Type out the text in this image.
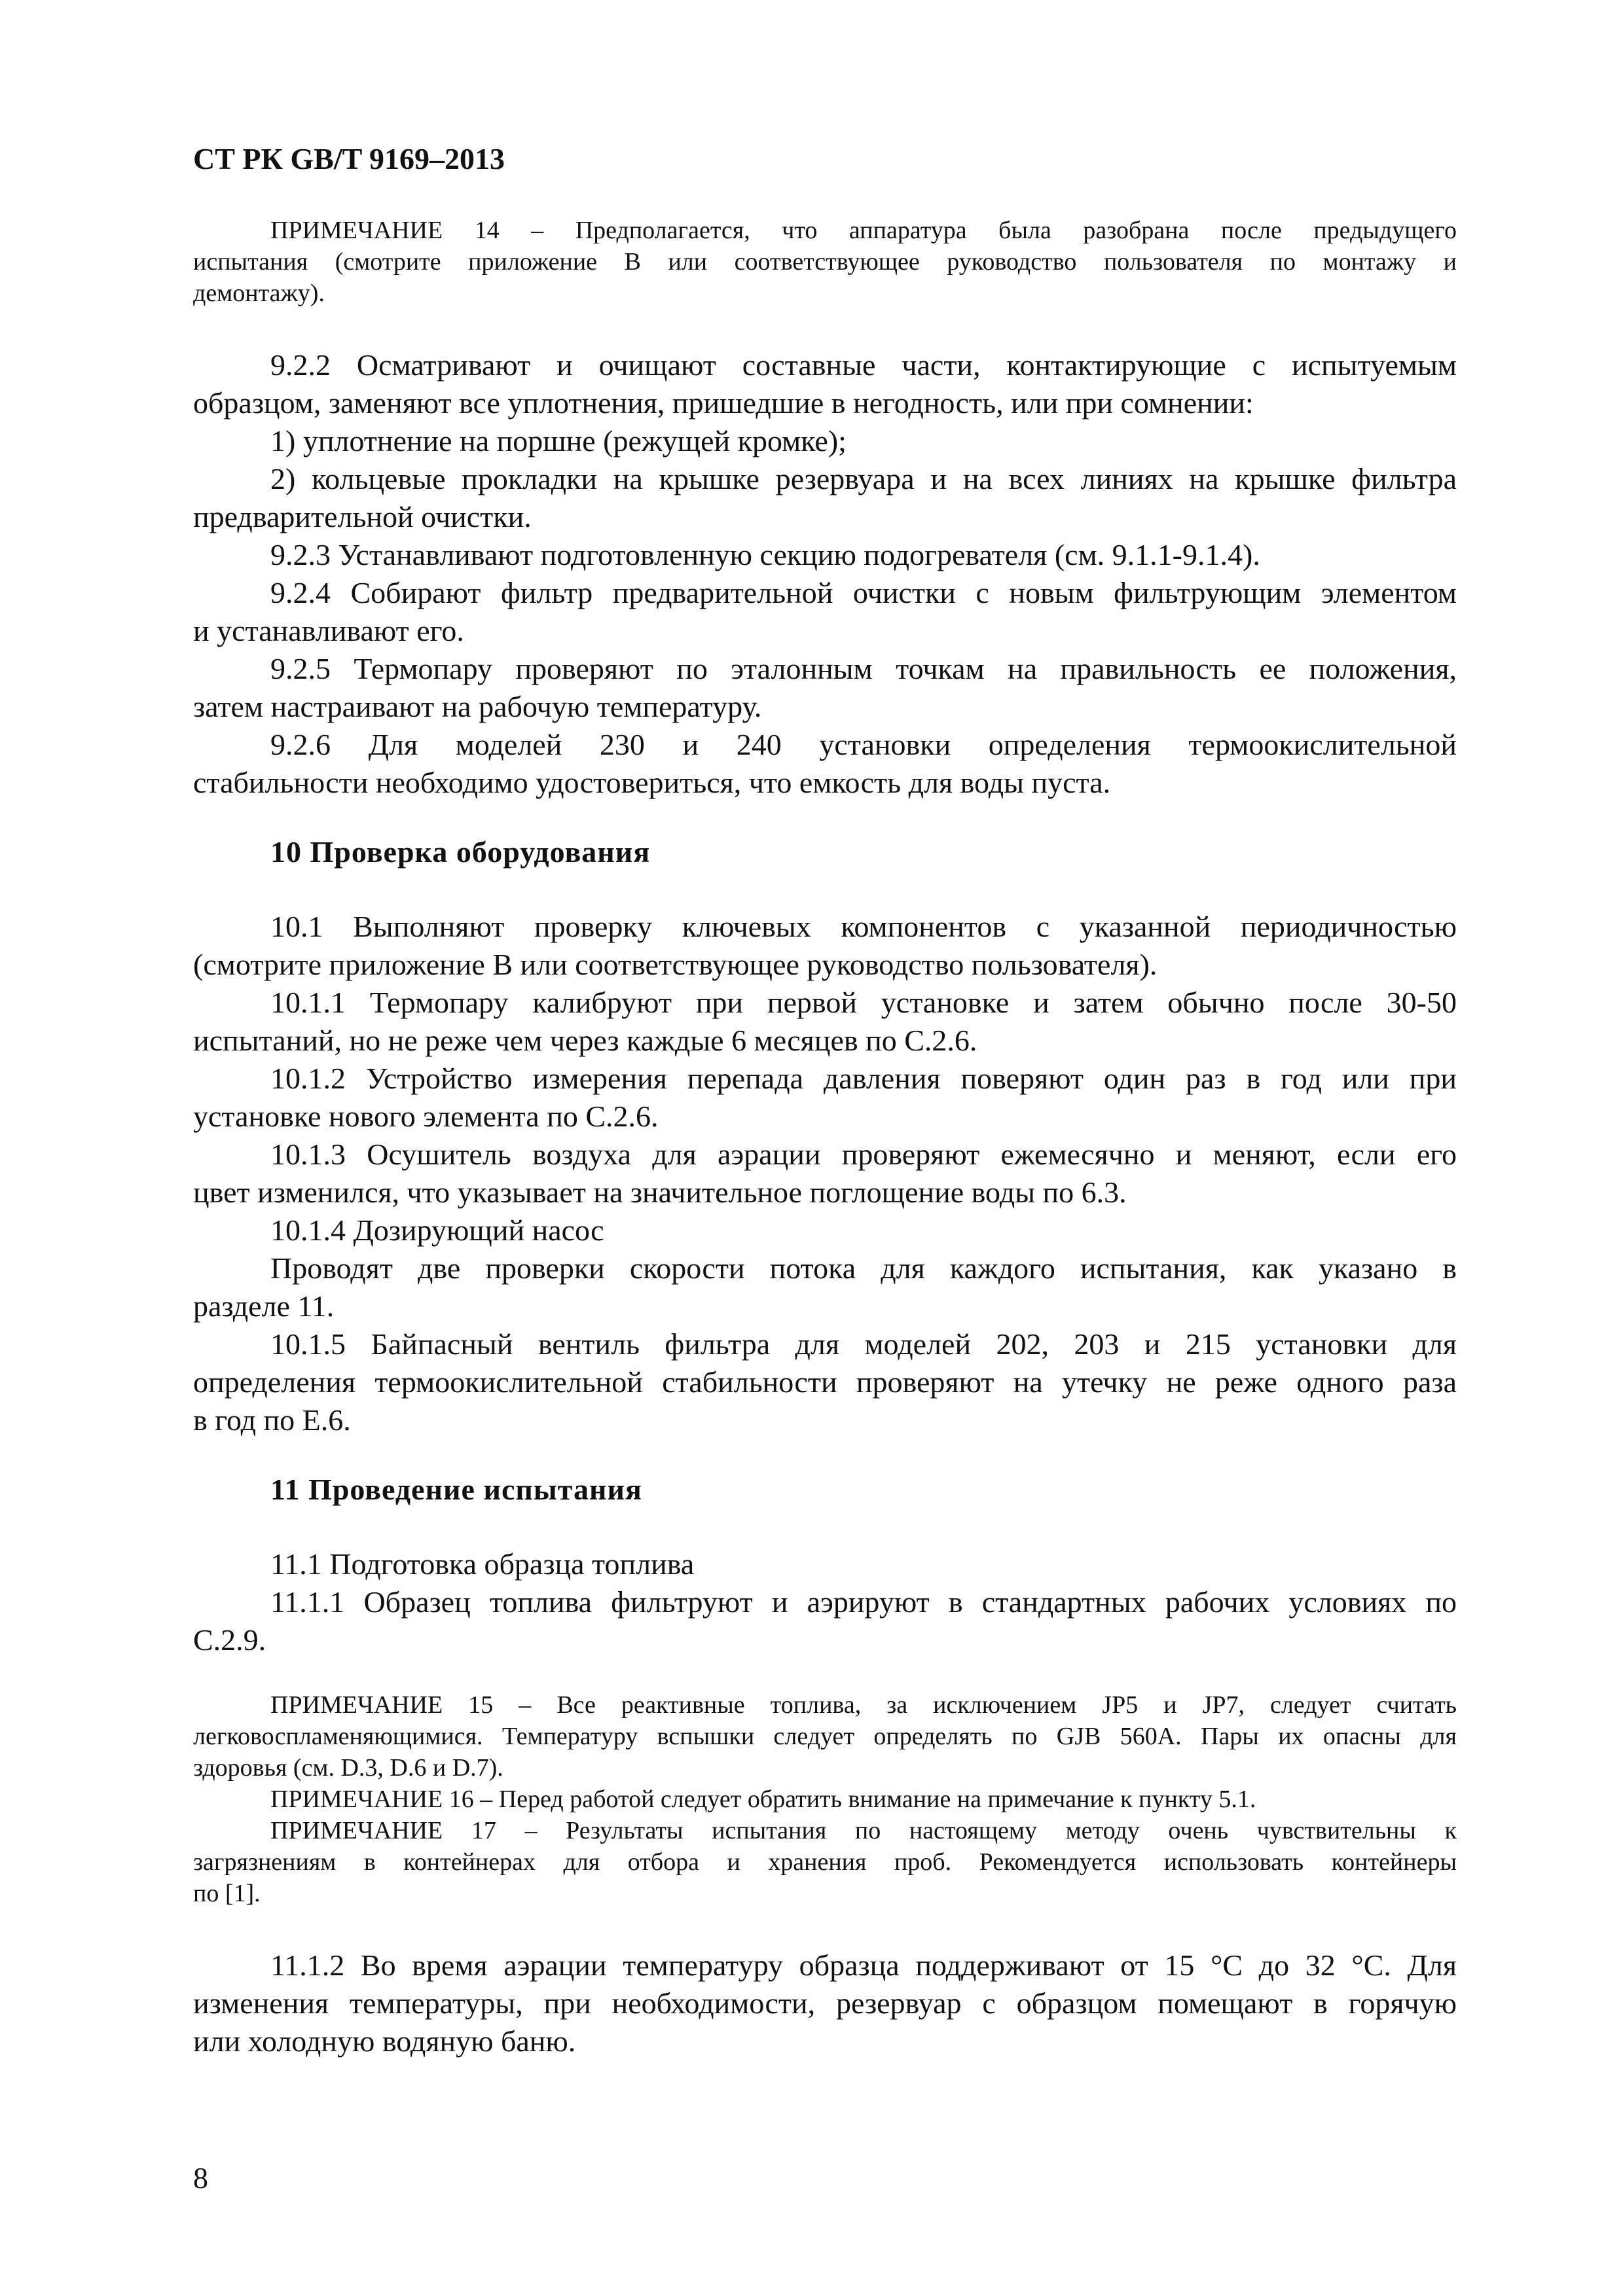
СТ РК GB/T 9169–2013
ПРИМЕЧАНИЕ 14 – Предполагается, что аппаратура была разобрана после предыдущего
испытания (смотрите приложение В или соответствующее руководство пользователя по монтажу и
демонтажу).
9.2.2 Осматривают и очищают составные части, контактирующие с испытуемым
образцом, заменяют все уплотнения, пришедшие в негодность, или при сомнении:
1) уплотнение на поршне (режущей кромке);
2) кольцевые прокладки на крышке резервуара и на всех линиях на крышке фильтра
предварительной очистки.
9.2.3 Устанавливают подготовленную секцию подогревателя (см. 9.1.1-9.1.4).
9.2.4 Собирают фильтр предварительной очистки с новым фильтрующим элементом
и устанавливают его.
9.2.5 Термопару проверяют по эталонным точкам на правильность ее положения,
затем настраивают на рабочую температуру.
9.2.6 Для моделей 230 и 240 установки определения термоокислительной
стабильности необходимо удостовериться, что емкость для воды пуста.
10 Проверка оборудования
10.1 Выполняют проверку ключевых компонентов с указанной периодичностью
(смотрите приложение В или соответствующее руководство пользователя).
10.1.1 Термопару калибруют при первой установке и затем обычно после 30-50
испытаний, но не реже чем через каждые 6 месяцев по С.2.6.
10.1.2 Устройство измерения перепада давления поверяют один раз в год или при
установке нового элемента по С.2.6.
10.1.3 Осушитель воздуха для аэрации проверяют ежемесячно и меняют, если его
цвет изменился, что указывает на значительное поглощение воды по 6.3.
10.1.4 Дозирующий насос
Проводят две проверки скорости потока для каждого испытания, как указано в
разделе 11.
10.1.5 Байпасный вентиль фильтра для моделей 202, 203 и 215 установки для
определения термоокислительной стабильности проверяют на утечку не реже одного раза
в год по Е.6.
11 Проведение испытания
11.1 Подготовка образца топлива
11.1.1 Образец топлива фильтруют и аэрируют в стандартных рабочих условиях по
С.2.9.
ПРИМЕЧАНИЕ 15 – Все реактивные топлива, за исключением JP5 и JP7, следует считать
легковоспламеняющимися. Температуру вспышки следует определять по GJB 560A. Пары их опасны для
здоровья (см. D.3, D.6 и D.7).
ПРИМЕЧАНИЕ 16 – Перед работой следует обратить внимание на примечание к пункту 5.1.
ПРИМЕЧАНИЕ 17 – Результаты испытания по настоящему методу очень чувствительны к
загрязнениям в контейнерах для отбора и хранения проб. Рекомендуется использовать контейнеры
по [1].
11.1.2 Во время аэрации температуру образца поддерживают от 15 °С до 32 °С. Для
изменения температуры, при необходимости, резервуар с образцом помещают в горячую
или холодную водяную баню.
8
